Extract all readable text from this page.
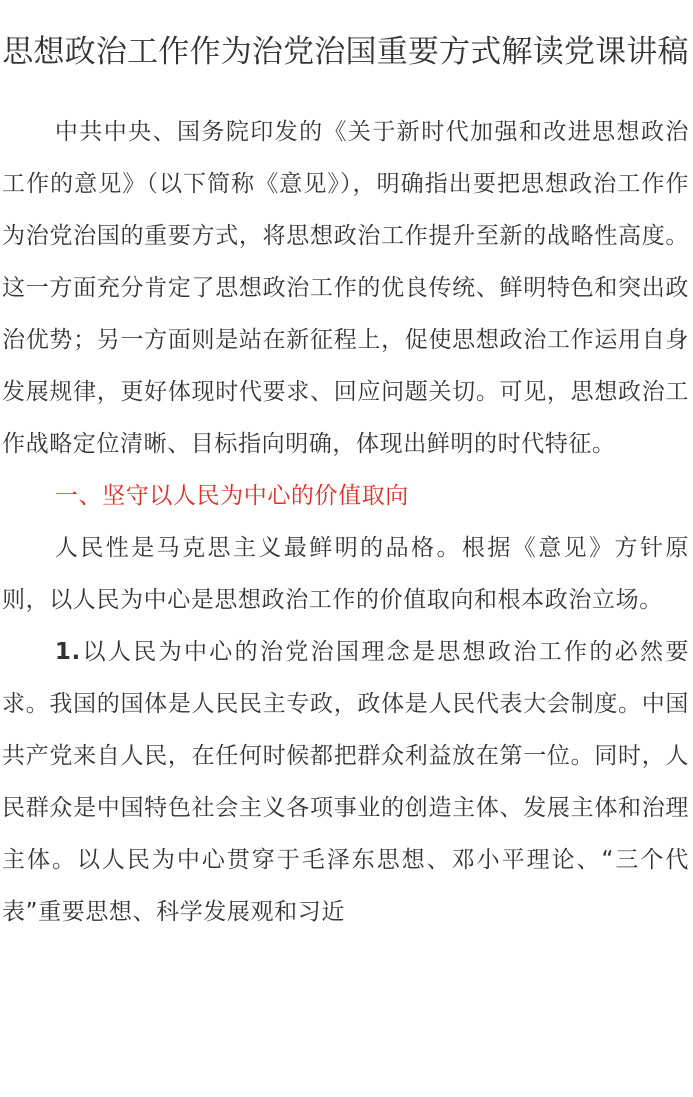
思想政治工作作为治党治国重要方式解读党课讲稿

中共中央、国务院印发的《关于新时代加强和改进思想政治工作的意见》（以下简称《意见》），明确指出要把思想政治工作作为治党治国的重要方式，将思想政治工作提升至新的战略性高度。这一方面充分肯定了思想政治工作的优良传统、鲜明特色和突出政治优势；另一方面则是站在新征程上，促使思想政治工作运用自身发展规律，更好体现时代要求、回应问题关切。可见，思想政治工作战略定位清晰、目标指向明确，体现出鲜明的时代特征。

一、坚守以人民为中心的价值取向

人民性是马克思主义最鲜明的品格。根据《意见》方针原则，以人民为中心是思想政治工作的价值取向和根本政治立场。

1.以人民为中心的治党治国理念是思想政治工作的必然要求。我国的国体是人民民主专政，政体是人民代表大会制度。中国共产党来自人民，在任何时候都把群众利益放在第一位。同时，人民群众是中国特色社会主义各项事业的创造主体、发展主体和治理主体。以人民为中心贯穿于毛泽东思想、邓小平理论、“三个代表”重要思想、科学发展观和习近
